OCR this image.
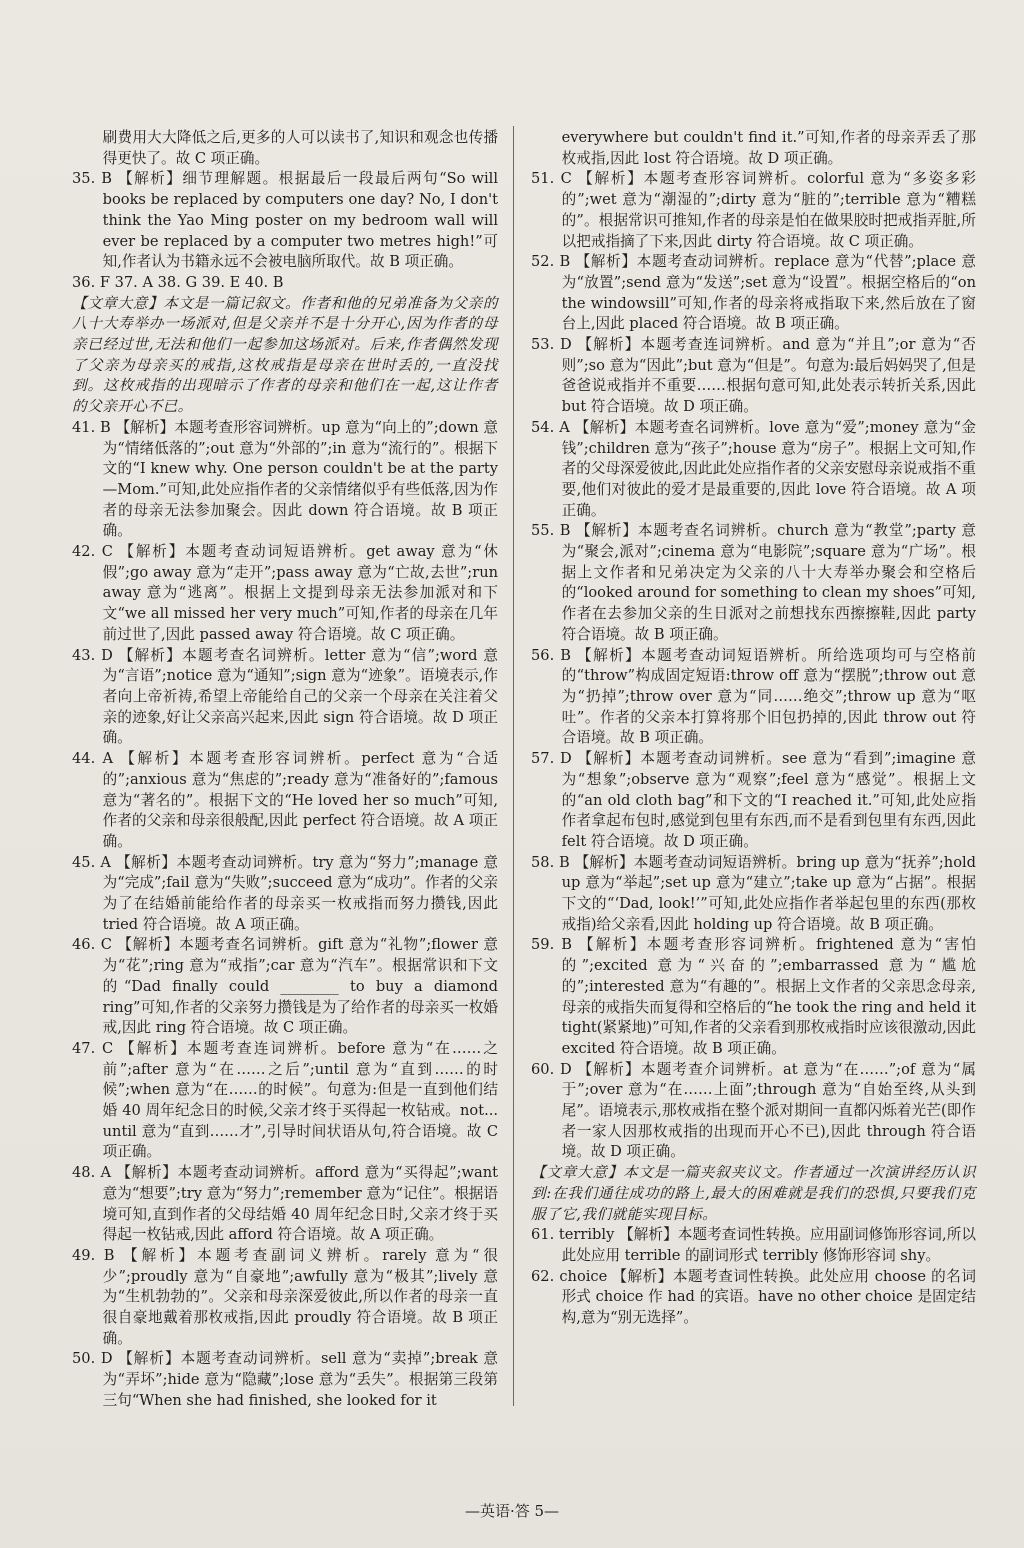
刷费用大大降低之后,更多的人可以读书了,知识和观念也传播得更快了。故 C 项正确。

35. B 【解析】细节理解题。根据最后一段最后两句“So will books be replaced by computers one day? No, I don't think the Yao Ming poster on my bedroom wall will ever be replaced by a computer two metres high!”可知,作者认为书籍永远不会被电脑所取代。故 B 项正确。

36. F 37. A 38. G 39. E 40. B

【文章大意】本文是一篇记叙文。作者和他的兄弟准备为父亲的八十大寿举办一场派对,但是父亲并不是十分开心,因为作者的母亲已经过世,无法和他们一起参加这场派对。后来,作者偶然发现了父亲为母亲买的戒指,这枚戒指是母亲在世时丢的,一直没找到。这枚戒指的出现暗示了作者的母亲和他们在一起,这让作者的父亲开心不已。

41. B 【解析】本题考查形容词辨析。up 意为“向上的”;down 意为“情绪低落的”;out 意为“外部的”;in 意为“流行的”。根据下文的“I knew why. One person couldn't be at the party—Mom.”可知,此处应指作者的父亲情绪似乎有些低落,因为作者的母亲无法参加聚会。因此 down 符合语境。故 B 项正确。

42. C 【解析】本题考查动词短语辨析。get away 意为“休假”;go away 意为“走开”;pass away 意为“亡故,去世”;run away 意为“逃离”。根据上文提到母亲无法参加派对和下文“we all missed her very much”可知,作者的母亲在几年前过世了,因此 passed away 符合语境。故 C 项正确。

43. D 【解析】本题考查名词辨析。letter 意为“信”;word 意为“言语”;notice 意为“通知”;sign 意为“迹象”。语境表示,作者向上帝祈祷,希望上帝能给自己的父亲一个母亲在关注着父亲的迹象,好让父亲高兴起来,因此 sign 符合语境。故 D 项正确。

44. A 【解析】本题考查形容词辨析。perfect 意为“合适的”;anxious 意为“焦虑的”;ready 意为“准备好的”;famous 意为“著名的”。根据下文的“He loved her so much”可知,作者的父亲和母亲很般配,因此 perfect 符合语境。故 A 项正确。

45. A 【解析】本题考查动词辨析。try 意为“努力”;manage 意为“完成”;fail 意为“失败”;succeed 意为“成功”。作者的父亲为了在结婚前能给作者的母亲买一枚戒指而努力攒钱,因此 tried 符合语境。故 A 项正确。

46. C 【解析】本题考查名词辨析。gift 意为“礼物”;flower 意为“花”;ring 意为“戒指”;car 意为“汽车”。根据常识和下文的“Dad finally could ________ to buy a diamond ring”可知,作者的父亲努力攒钱是为了给作者的母亲买一枚婚戒,因此 ring 符合语境。故 C 项正确。

47. C 【解析】本题考查连词辨析。before 意为“在……之前”;after 意为“在……之后”;until 意为“直到……的时候”;when 意为“在……的时候”。句意为:但是一直到他们结婚 40 周年纪念日的时候,父亲才终于买得起一枚钻戒。not... until 意为“直到……才”,引导时间状语从句,符合语境。故 C 项正确。

48. A 【解析】本题考查动词辨析。afford 意为“买得起”;want 意为“想要”;try 意为“努力”;remember 意为“记住”。根据语境可知,直到作者的父母结婚 40 周年纪念日时,父亲才终于买得起一枚钻戒,因此 afford 符合语境。故 A 项正确。

49. B 【解析】本题考查副词义辨析。rarely 意为“很少”;proudly 意为“自豪地”;awfully 意为“极其”;lively 意为“生机勃勃的”。父亲和母亲深爱彼此,所以作者的母亲一直很自豪地戴着那枚戒指,因此 proudly 符合语境。故 B 项正确。

50. D 【解析】本题考查动词辨析。sell 意为“卖掉”;break 意为“弄坏”;hide 意为“隐藏”;lose 意为“丢失”。根据第三段第三句“When she had finished, she looked for it

everywhere but couldn't find it.”可知,作者的母亲弄丢了那枚戒指,因此 lost 符合语境。故 D 项正确。

51. C 【解析】本题考查形容词辨析。colorful 意为“多姿多彩的”;wet 意为“潮湿的”;dirty 意为“脏的”;terrible 意为“糟糕的”。根据常识可推知,作者的母亲是怕在做果胶时把戒指弄脏,所以把戒指摘了下来,因此 dirty 符合语境。故 C 项正确。

52. B 【解析】本题考查动词辨析。replace 意为“代替”;place 意为“放置”;send 意为“发送”;set 意为“设置”。根据空格后的“on the windowsill”可知,作者的母亲将戒指取下来,然后放在了窗台上,因此 placed 符合语境。故 B 项正确。

53. D 【解析】本题考查连词辨析。and 意为“并且”;or 意为“否则”;so 意为“因此”;but 意为“但是”。句意为:最后妈妈哭了,但是爸爸说戒指并不重要……根据句意可知,此处表示转折关系,因此 but 符合语境。故 D 项正确。

54. A 【解析】本题考查名词辨析。love 意为“爱”;money 意为“金钱”;children 意为“孩子”;house 意为“房子”。根据上文可知,作者的父母深爱彼此,因此此处应指作者的父亲安慰母亲说戒指不重要,他们对彼此的爱才是最重要的,因此 love 符合语境。故 A 项正确。

55. B 【解析】本题考查名词辨析。church 意为“教堂”;party 意为“聚会,派对”;cinema 意为“电影院”;square 意为“广场”。根据上文作者和兄弟决定为父亲的八十大寿举办聚会和空格后的“looked around for something to clean my shoes”可知,作者在去参加父亲的生日派对之前想找东西擦擦鞋,因此 party 符合语境。故 B 项正确。

56. B 【解析】本题考查动词短语辨析。所给选项均可与空格前的“throw”构成固定短语:throw off 意为“摆脱”;throw out 意为“扔掉”;throw over 意为“同……绝交”;throw up 意为“呕吐”。作者的父亲本打算将那个旧包扔掉的,因此 throw out 符合语境。故 B 项正确。

57. D 【解析】本题考查动词辨析。see 意为“看到”;imagine 意为“想象”;observe 意为“观察”;feel 意为“感觉”。根据上文的“an old cloth bag”和下文的“I reached it.”可知,此处应指作者拿起布包时,感觉到包里有东西,而不是看到包里有东西,因此 felt 符合语境。故 D 项正确。

58. B 【解析】本题考查动词短语辨析。bring up 意为“抚养”;hold up 意为“举起”;set up 意为“建立”;take up 意为“占据”。根据下文的“‘Dad, look!’”可知,此处应指作者举起包里的东西(那枚戒指)给父亲看,因此 holding up 符合语境。故 B 项正确。

59. B 【解析】本题考查形容词辨析。frightened 意为“害怕的”;excited 意为“兴奋的”;embarrassed 意为“尴尬的”;interested 意为“有趣的”。根据上文作者的父亲思念母亲,母亲的戒指失而复得和空格后的“he took the ring and held it tight(紧紧地)”可知,作者的父亲看到那枚戒指时应该很激动,因此 excited 符合语境。故 B 项正确。

60. D 【解析】本题考查介词辨析。at 意为“在……”;of 意为“属于”;over 意为“在……上面”;through 意为“自始至终,从头到尾”。语境表示,那枚戒指在整个派对期间一直都闪烁着光芒(即作者一家人因那枚戒指的出现而开心不已),因此 through 符合语境。故 D 项正确。

【文章大意】本文是一篇夹叙夹议文。作者通过一次演讲经历认识到:在我们通往成功的路上,最大的困难就是我们的恐惧,只要我们克服了它,我们就能实现目标。

61. terribly 【解析】本题考查词性转换。应用副词修饰形容词,所以此处应用 terrible 的副词形式 terribly 修饰形容词 shy。

62. choice 【解析】本题考查词性转换。此处应用 choose 的名词形式 choice 作 had 的宾语。have no other choice 是固定结构,意为“别无选择”。

—英语·答 5—
